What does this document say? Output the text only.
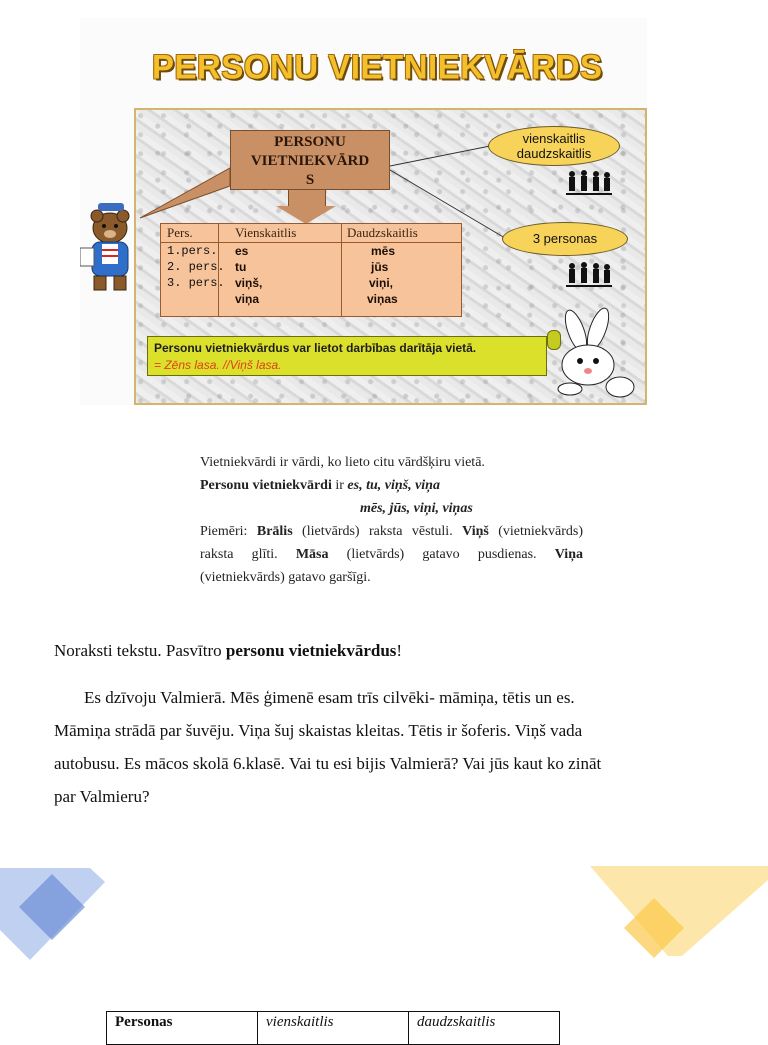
PERSONU VIETNIEKVĀRDS
PERSONU
VIETNIEKVĀRD
S
Pers.	Vienskaitlis	Daudzskaitlis
1.pers. es	mēs
2. pers. tu	jūs
3. pers. viņš,	viņi,
viņa	viņas
vienskaitlis
daudzskaitlis
3 personas
Personu vietniekvārdus var lietot darbības darītāja vietā.
= Zēns lasa. //Viņš lasa.

Vietniekvārdi ir vārdi, ko lieto citu vārdšķiru vietā.

Personu vietniekvārdi ir es, tu, viņš, viņa

mēs, jūs, viņi, viņas

Piemēri: Brālis (lietvārds) raksta vēstuli. Viņš (vietniekvārds) raksta glīti. Māsa (lietvārds) gatavo pusdienas. Viņa (vietniekvārds) gatavo garšīgi.

Noraksti tekstu. Pasvītro personu vietniekvārdus!

Es dzīvoju Valmierā. Mēs ģimenē esam trīs cilvēki- māmiņa, tētis un es. Māmiņa strādā par šuvēju. Viņa šuj skaistas kleitas. Tētis ir šoferis. Viņš vada autobusu. Es mācos skolā 6.klasē. Vai tu esi bijis Valmierā? Vai jūs kaut ko zināt par Valmieru?

Personas	vienskaitlis	daudzskaitlis
